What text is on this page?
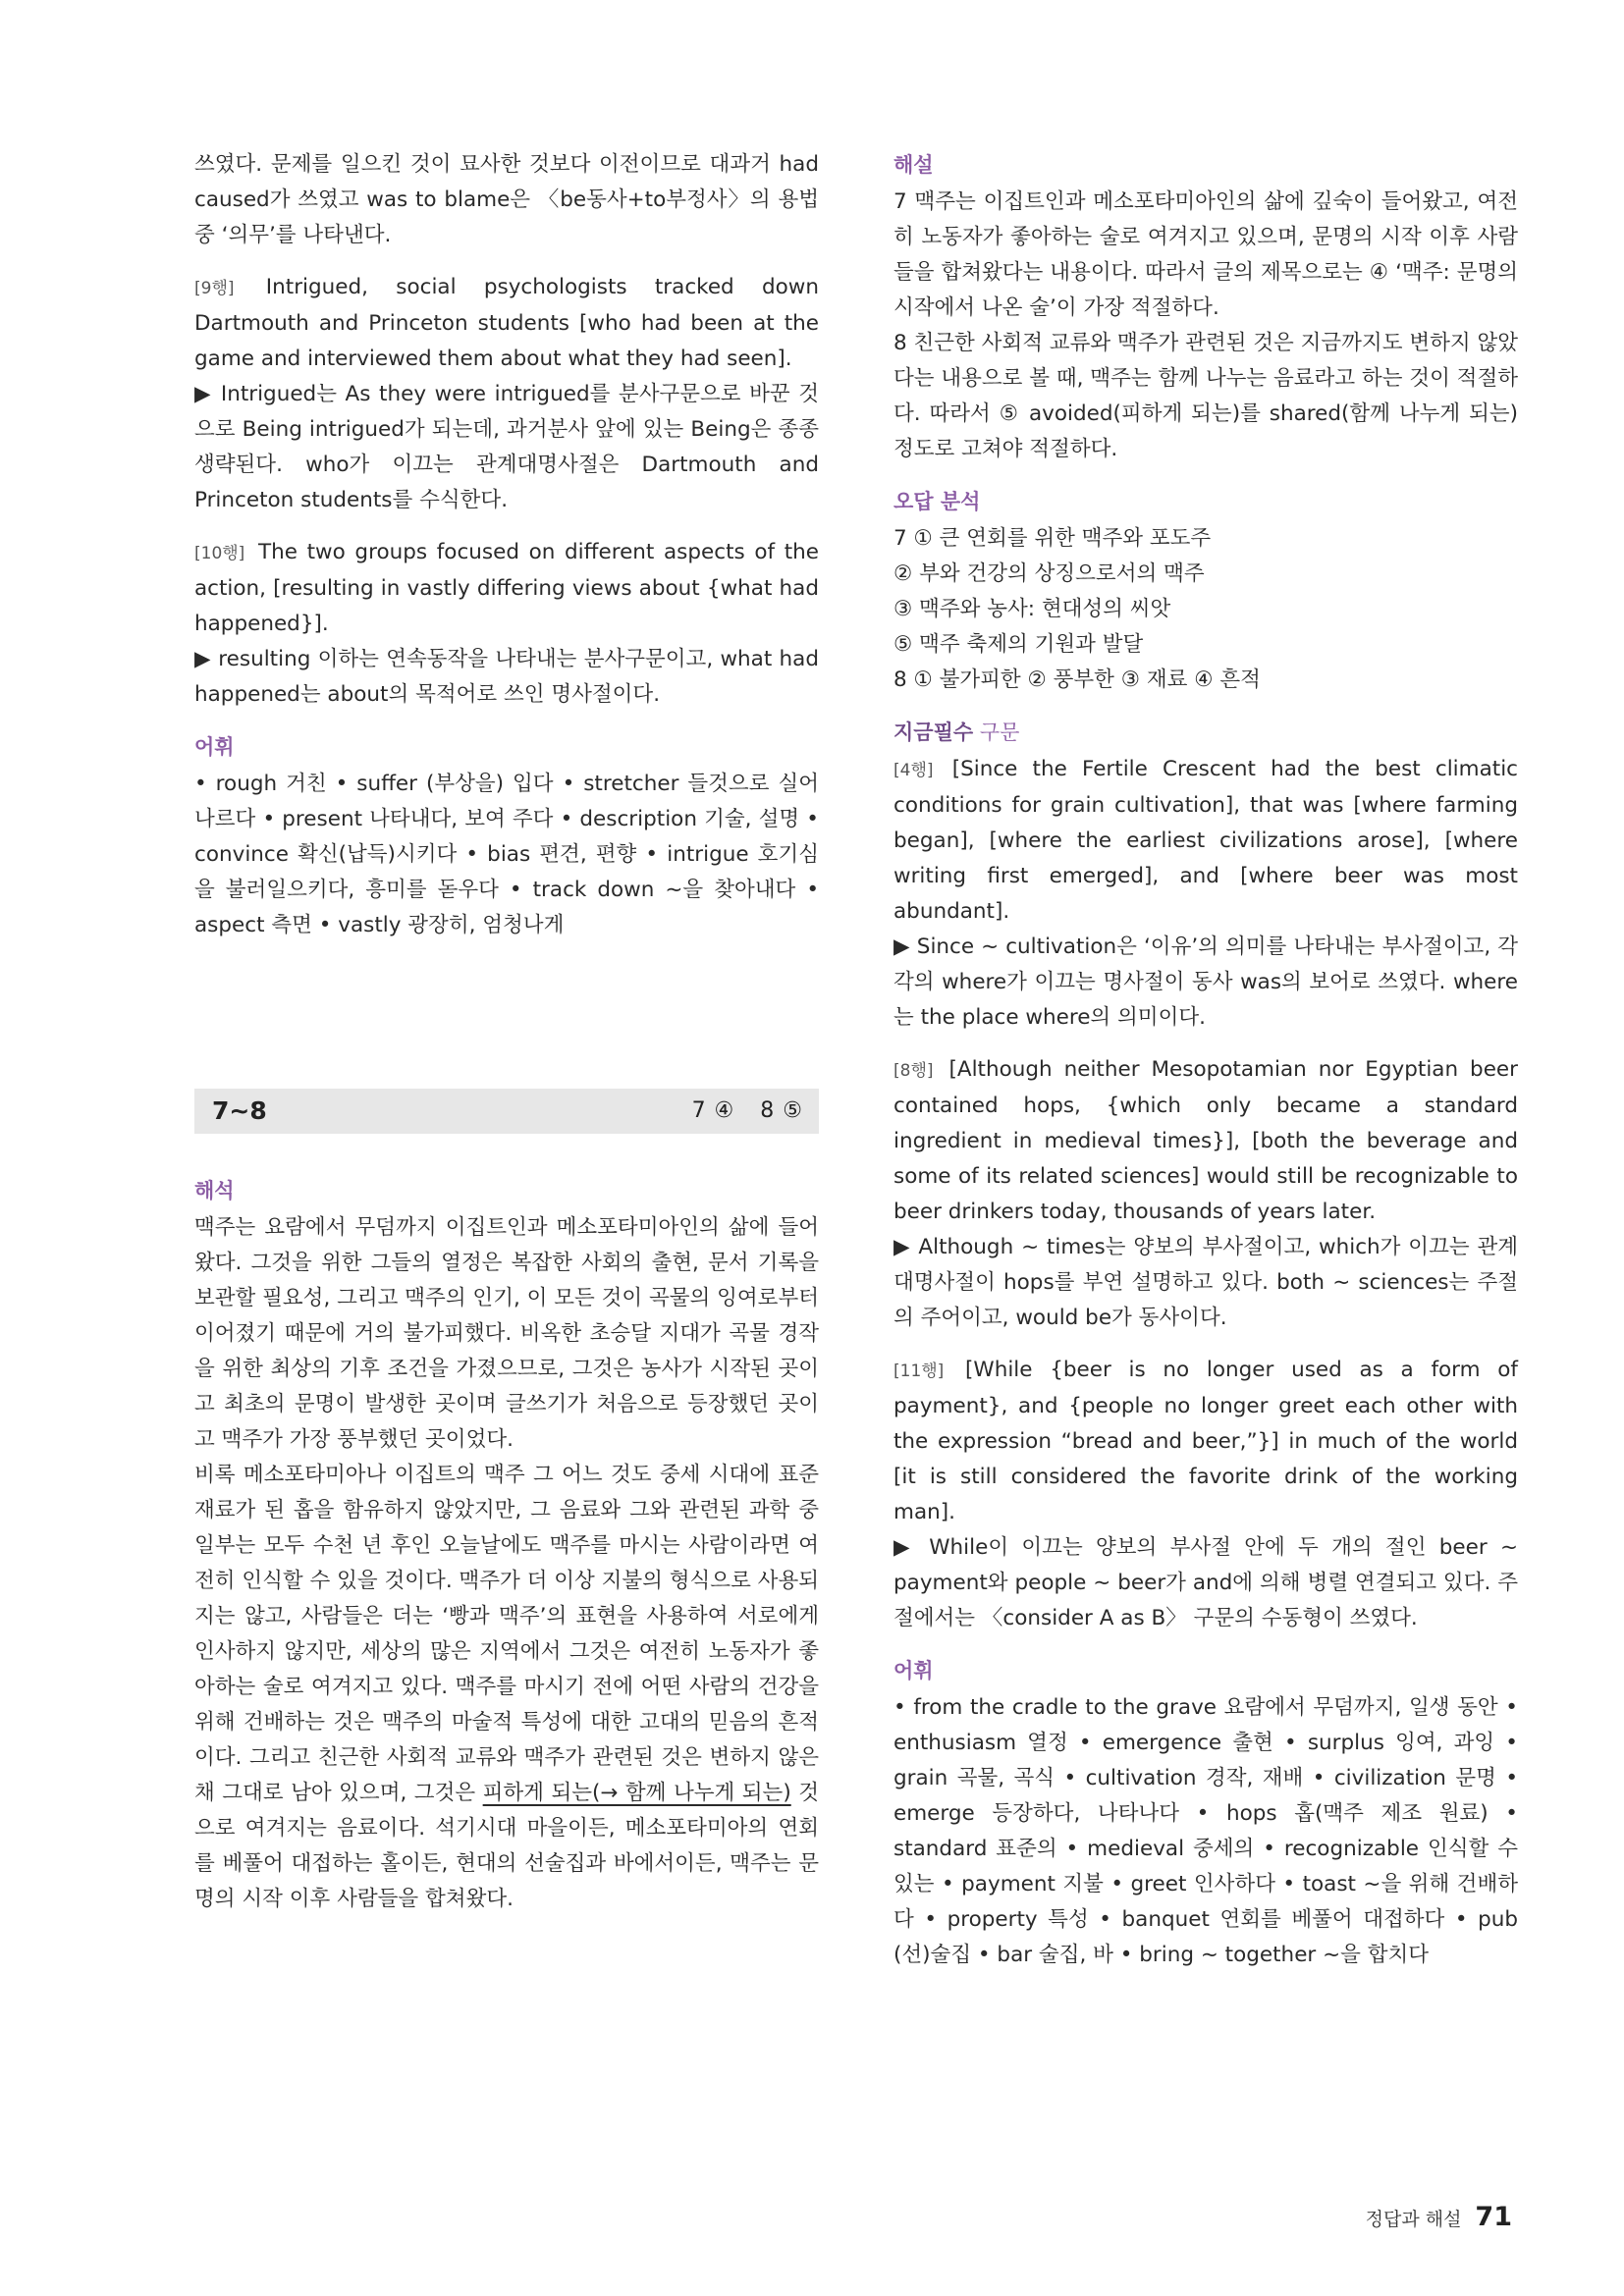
쓰였다. 문제를 일으킨 것이 묘사한 것보다 이전이므로 대과거 had caused가 쓰였고 was to blame은 〈be동사+to부정사〉의 용법 중 ‘의무’를 나타낸다.

[9행] Intrigued, social psychologists tracked down Dartmouth and Princeton students [who had been at the game and interviewed them about what they had seen].

▶ Intrigued는 As they were intrigued를 분사구문으로 바꾼 것으로 Being intrigued가 되는데, 과거분사 앞에 있는 Being은 종종 생략된다. who가 이끄는 관계대명사절은 Dartmouth and Princeton students를 수식한다.

[10행] The two groups focused on different aspects of the action, [resulting in vastly differing views about {what had happened}].

▶ resulting 이하는 연속동작을 나타내는 분사구문이고, what had happened는 about의 목적어로 쓰인 명사절이다.

어휘

• rough 거친 • suffer (부상을) 입다 • stretcher 들것으로 실어 나르다 • present 나타내다, 보여 주다 • description 기술, 설명 • convince 확신(납득)시키다 • bias 편견, 편향 • intrigue 호기심을 불러일으키다, 흥미를 돋우다 • track down ~을 찾아내다 • aspect 측면 • vastly 광장히, 엄청나게

7~8	7 ④ 8 ⑤
해석

맥주는 요람에서 무덤까지 이집트인과 메소포타미아인의 삶에 들어왔다. 그것을 위한 그들의 열정은 복잡한 사회의 출현, 문서 기록을 보관할 필요성, 그리고 맥주의 인기, 이 모든 것이 곡물의 잉여로부터 이어졌기 때문에 거의 불가피했다. 비옥한 초승달 지대가 곡물 경작을 위한 최상의 기후 조건을 가졌으므로, 그것은 농사가 시작된 곳이고 최초의 문명이 발생한 곳이며 글쓰기가 처음으로 등장했던 곳이고 맥주가 가장 풍부했던 곳이었다.

비록 메소포타미아나 이집트의 맥주 그 어느 것도 중세 시대에 표준 재료가 된 홉을 함유하지 않았지만, 그 음료와 그와 관련된 과학 중 일부는 모두 수천 년 후인 오늘날에도 맥주를 마시는 사람이라면 여전히 인식할 수 있을 것이다. 맥주가 더 이상 지불의 형식으로 사용되지는 않고, 사람들은 더는 ‘빵과 맥주’의 표현을 사용하여 서로에게 인사하지 않지만, 세상의 많은 지역에서 그것은 여전히 노동자가 좋아하는 술로 여겨지고 있다. 맥주를 마시기 전에 어떤 사람의 건강을 위해 건배하는 것은 맥주의 마술적 특성에 대한 고대의 믿음의 흔적이다. 그리고 친근한 사회적 교류와 맥주가 관련된 것은 변하지 않은 채 그대로 남아 있으며, 그것은 피하게 되는(→ 함께 나누게 되는) 것으로 여겨지는 음료이다. 석기시대 마을이든, 메소포타미아의 연회를 베풀어 대접하는 홀이든, 현대의 선술집과 바에서이든, 맥주는 문명의 시작 이후 사람들을 합쳐왔다.

해설

7 맥주는 이집트인과 메소포타미아인의 삶에 깊숙이 들어왔고, 여전히 노동자가 좋아하는 술로 여겨지고 있으며, 문명의 시작 이후 사람들을 합쳐왔다는 내용이다. 따라서 글의 제목으로는 ④ ‘맥주: 문명의 시작에서 나온 술’이 가장 적절하다.

8 친근한 사회적 교류와 맥주가 관련된 것은 지금까지도 변하지 않았다는 내용으로 볼 때, 맥주는 함께 나누는 음료라고 하는 것이 적절하다. 따라서 ⑤ avoided(피하게 되는)를 shared(함께 나누게 되는) 정도로 고쳐야 적절하다.

오답 분석

7 ① 큰 연회를 위한 맥주와 포도주

② 부와 건강의 상징으로서의 맥주

③ 맥주와 농사: 현대성의 씨앗

⑤ 맥주 축제의 기원과 발달

8 ① 불가피한 ② 풍부한 ③ 재료 ④ 흔적

지금필수 구문

[4행] [Since the Fertile Crescent had the best climatic conditions for grain cultivation], that was [where farming began], [where the earliest civilizations arose], [where writing first emerged], and [where beer was most abundant].

▶ Since ~ cultivation은 ‘이유’의 의미를 나타내는 부사절이고, 각각의 where가 이끄는 명사절이 동사 was의 보어로 쓰였다. where는 the place where의 의미이다.

[8행] [Although neither Mesopotamian nor Egyptian beer contained hops, {which only became a standard ingredient in medieval times}], [both the beverage and some of its related sciences] would still be recognizable to beer drinkers today, thousands of years later.

▶ Although ~ times는 양보의 부사절이고, which가 이끄는 관계대명사절이 hops를 부연 설명하고 있다. both ~ sciences는 주절의 주어이고, would be가 동사이다.

[11행] [While {beer is no longer used as a form of payment}, and {people no longer greet each other with the expression “bread and beer,”}] in much of the world [it is still considered the favorite drink of the working man].

▶ While이 이끄는 양보의 부사절 안에 두 개의 절인 beer ~ payment와 people ~ beer가 and에 의해 병렬 연결되고 있다. 주절에서는 〈consider A as B〉 구문의 수동형이 쓰였다.

어휘

• from the cradle to the grave 요람에서 무덤까지, 일생 동안 • enthusiasm 열정 • emergence 출현 • surplus 잉여, 과잉 • grain 곡물, 곡식 • cultivation 경작, 재배 • civilization 문명 • emerge 등장하다, 나타나다 • hops 홉(맥주 제조 원료) • standard 표준의 • medieval 중세의 • recognizable 인식할 수 있는 • payment 지불 • greet 인사하다 • toast ~을 위해 건배하다 • property 특성 • banquet 연회를 베풀어 대접하다 • pub (선)술집 • bar 술집, 바 • bring ~ together ~을 합치다

정답과 해설 71
